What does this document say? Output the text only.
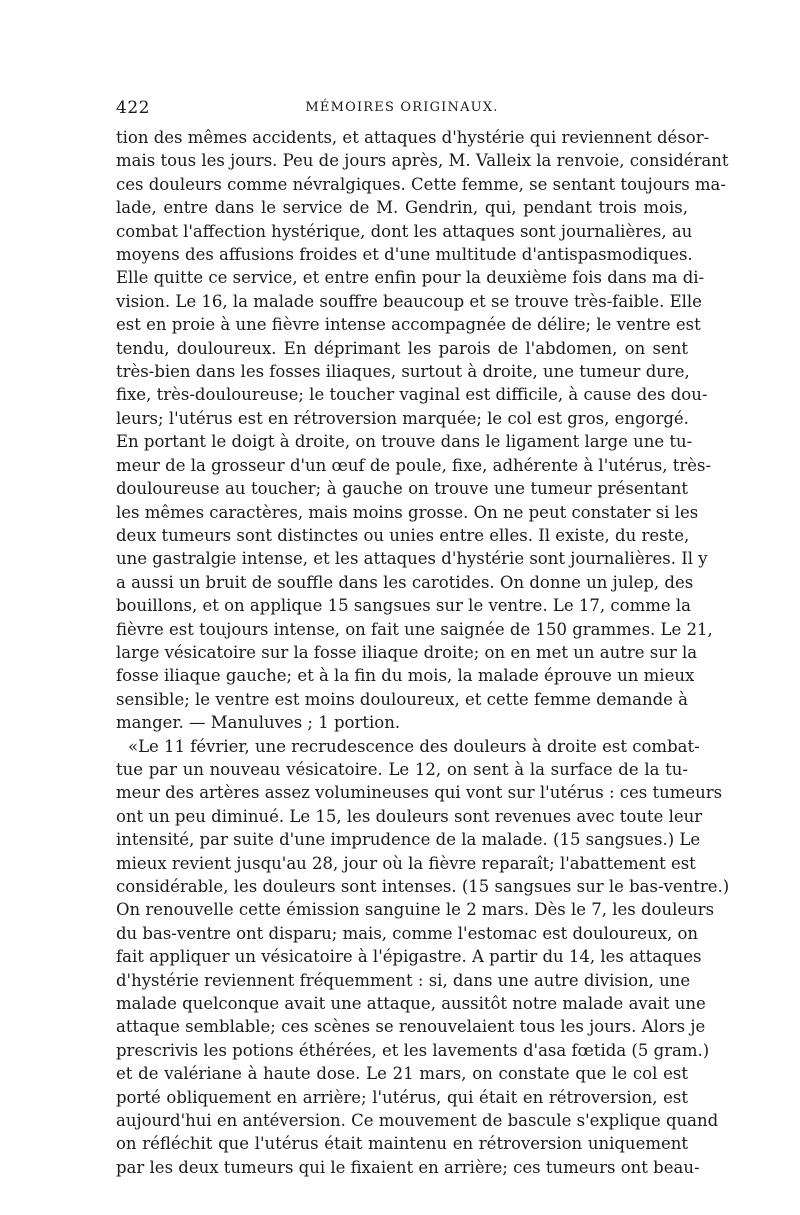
422	MÉMOIRES ORIGINAUX.

tion des mêmes accidents, et attaques d'hystérie qui reviennent désor-
mais tous les jours. Peu de jours après, M. Valleix la renvoie, considérant
ces douleurs comme névralgiques. Cette femme, se sentant toujours ma-
lade, entre dans le service de M. Gendrin, qui, pendant trois mois,
combat l'affection hystérique, dont les attaques sont journalières, au
moyens des affusions froides et d'une multitude d'antispasmodiques.
Elle quitte ce service, et entre enfin pour la deuxième fois dans ma di-
vision. Le 16, la malade souffre beaucoup et se trouve très-faible. Elle
est en proie à une fièvre intense accompagnée de délire; le ventre est
tendu, douloureux. En déprimant les parois de l'abdomen, on sent
très-bien dans les fosses iliaques, surtout à droite, une tumeur dure,
fixe, très-douloureuse; le toucher vaginal est difficile, à cause des dou-
leurs; l'utérus est en rétroversion marquée; le col est gros, engorgé.
En portant le doigt à droite, on trouve dans le ligament large une tu-
meur de la grosseur d'un œuf de poule, fixe, adhérente à l'utérus, très-
douloureuse au toucher; à gauche on trouve une tumeur présentant
les mêmes caractères, mais moins grosse. On ne peut constater si les
deux tumeurs sont distinctes ou unies entre elles. Il existe, du reste,
une gastralgie intense, et les attaques d'hystérie sont journalières. Il y
a aussi un bruit de souffle dans les carotides. On donne un julep, des
bouillons, et on applique 15 sangsues sur le ventre. Le 17, comme la
fièvre est toujours intense, on fait une saignée de 150 grammes. Le 21,
large vésicatoire sur la fosse iliaque droite; on en met un autre sur la
fosse iliaque gauche; et à la fin du mois, la malade éprouve un mieux
sensible; le ventre est moins douloureux, et cette femme demande à
manger. — Manuluves ; 1 portion.

«Le 11 février, une recrudescence des douleurs à droite est combat-
tue par un nouveau vésicatoire. Le 12, on sent à la surface de la tu-
meur des artères assez volumineuses qui vont sur l'utérus : ces tumeurs
ont un peu diminué. Le 15, les douleurs sont revenues avec toute leur
intensité, par suite d'une imprudence de la malade. (15 sangsues.) Le
mieux revient jusqu'au 28, jour où la fièvre reparaît; l'abattement est
considérable, les douleurs sont intenses. (15 sangsues sur le bas-ventre.)
On renouvelle cette émission sanguine le 2 mars. Dès le 7, les douleurs
du bas-ventre ont disparu; mais, comme l'estomac est douloureux, on
fait appliquer un vésicatoire à l'épigastre. A partir du 14, les attaques
d'hystérie reviennent fréquemment : si, dans une autre division, une
malade quelconque avait une attaque, aussitôt notre malade avait une
attaque semblable; ces scènes se renouvelaient tous les jours. Alors je
prescrivis les potions éthérées, et les lavements d'asa fœtida (5 gram.)
et de valériane à haute dose. Le 21 mars, on constate que le col est
porté obliquement en arrière; l'utérus, qui était en rétroversion, est
aujourd'hui en antéversion. Ce mouvement de bascule s'explique quand
on réfléchit que l'utérus était maintenu en rétroversion uniquement
par les deux tumeurs qui le fixaient en arrière; ces tumeurs ont beau-
